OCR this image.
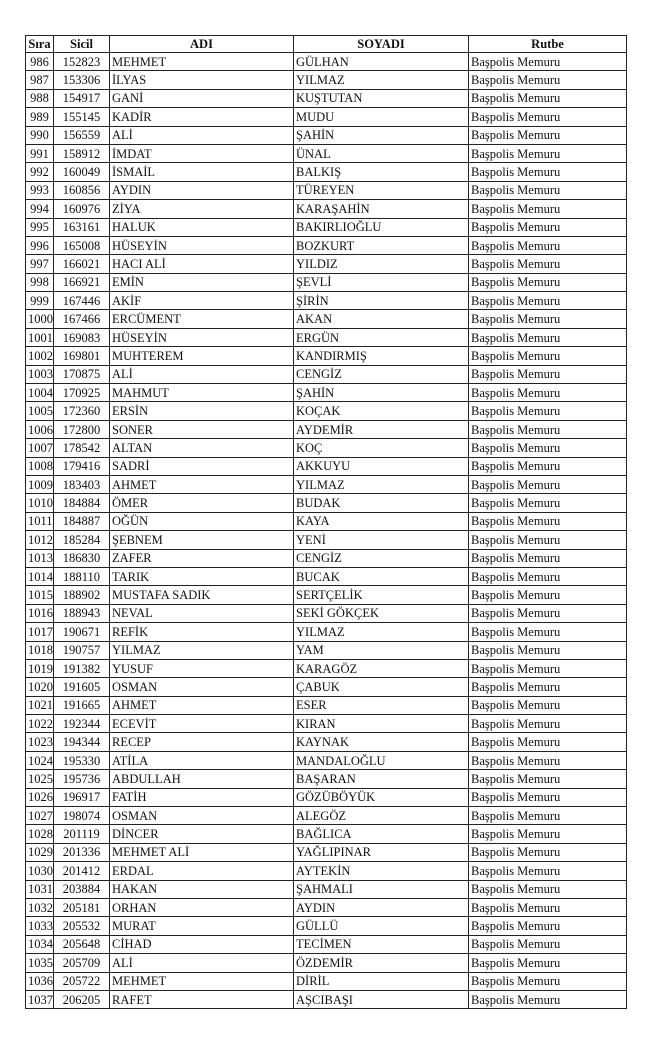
Sıra	Sicil	ADI	SOYADI	Rutbe
986	152823	MEHMET	GÜLHAN	Başpolis Memuru
987	153306	İLYAS	YILMAZ	Başpolis Memuru
988	154917	GANİ	KUŞTUTAN	Başpolis Memuru
989	155145	KADİR	MUDU	Başpolis Memuru
990	156559	ALİ	ŞAHİN	Başpolis Memuru
991	158912	İMDAT	ÜNAL	Başpolis Memuru
992	160049	İSMAİL	BALKIŞ	Başpolis Memuru
993	160856	AYDIN	TÜREYEN	Başpolis Memuru
994	160976	ZİYA	KARAŞAHİN	Başpolis Memuru
995	163161	HALUK	BAKIRLIOĞLU	Başpolis Memuru
996	165008	HÜSEYİN	BOZKURT	Başpolis Memuru
997	166021	HACI ALİ	YILDIZ	Başpolis Memuru
998	166921	EMİN	ŞEVLİ	Başpolis Memuru
999	167446	AKİF	ŞİRİN	Başpolis Memuru
1000	167466	ERCÜMENT	AKAN	Başpolis Memuru
1001	169083	HÜSEYİN	ERGÜN	Başpolis Memuru
1002	169801	MUHTEREM	KANDIRMIŞ	Başpolis Memuru
1003	170875	ALİ	CENGİZ	Başpolis Memuru
1004	170925	MAHMUT	ŞAHİN	Başpolis Memuru
1005	172360	ERSİN	KOÇAK	Başpolis Memuru
1006	172800	SONER	AYDEMİR	Başpolis Memuru
1007	178542	ALTAN	KOÇ	Başpolis Memuru
1008	179416	SADRİ	AKKUYU	Başpolis Memuru
1009	183403	AHMET	YILMAZ	Başpolis Memuru
1010	184884	ÖMER	BUDAK	Başpolis Memuru
1011	184887	OĞÜN	KAYA	Başpolis Memuru
1012	185284	ŞEBNEM	YENİ	Başpolis Memuru
1013	186830	ZAFER	CENGİZ	Başpolis Memuru
1014	188110	TARIK	BUCAK	Başpolis Memuru
1015	188902	MUSTAFA SADIK	SERTÇELİK	Başpolis Memuru
1016	188943	NEVAL	SEKİ GÖKÇEK	Başpolis Memuru
1017	190671	REFİK	YILMAZ	Başpolis Memuru
1018	190757	YILMAZ	YAM	Başpolis Memuru
1019	191382	YUSUF	KARAGÖZ	Başpolis Memuru
1020	191605	OSMAN	ÇABUK	Başpolis Memuru
1021	191665	AHMET	ESER	Başpolis Memuru
1022	192344	ECEVİT	KIRAN	Başpolis Memuru
1023	194344	RECEP	KAYNAK	Başpolis Memuru
1024	195330	ATİLA	MANDALOĞLU	Başpolis Memuru
1025	195736	ABDULLAH	BAŞARAN	Başpolis Memuru
1026	196917	FATİH	GÖZÜBÖYÜK	Başpolis Memuru
1027	198074	OSMAN	ALEGÖZ	Başpolis Memuru
1028	201119	DİNCER	BAĞLICA	Başpolis Memuru
1029	201336	MEHMET ALİ	YAĞLIPINAR	Başpolis Memuru
1030	201412	ERDAL	AYTEKİN	Başpolis Memuru
1031	203884	HAKAN	ŞAHMALI	Başpolis Memuru
1032	205181	ORHAN	AYDIN	Başpolis Memuru
1033	205532	MURAT	GÜLLÜ	Başpolis Memuru
1034	205648	CİHAD	TECİMEN	Başpolis Memuru
1035	205709	ALİ	ÖZDEMİR	Başpolis Memuru
1036	205722	MEHMET	DİRİL	Başpolis Memuru
1037	206205	RAFET	AŞCIBAŞI	Başpolis Memuru
